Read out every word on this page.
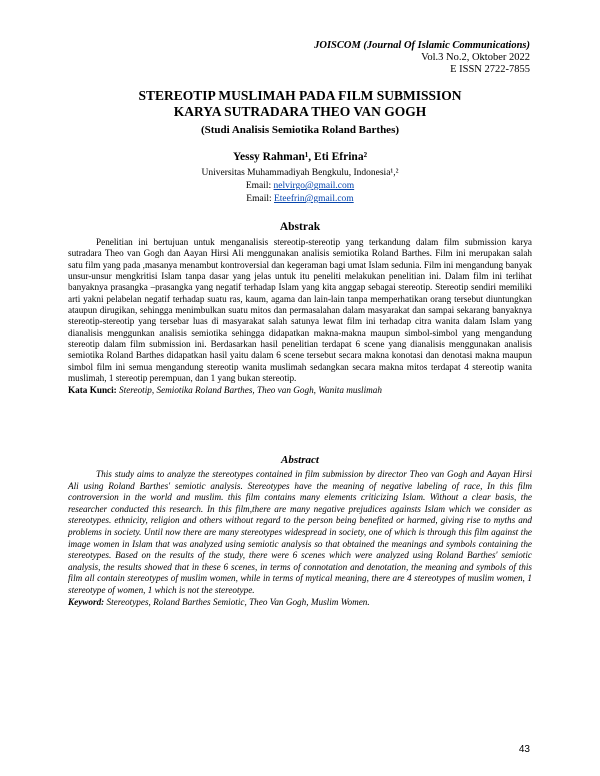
JOISCOM (Journal Of Islamic Communications)
Vol.3 No.2, Oktober 2022
E ISSN 2722-7855
STEREOTIP MUSLIMAH PADA FILM SUBMISSION
KARYA SUTRADARA THEO VAN GOGH
(Studi Analisis Semiotika Roland Barthes)
Yessy Rahman¹, Eti Efrina²
Universitas Muhammadiyah Bengkulu, Indonesia¹,²
Email: nelvirgo@gmail.com
Email: Eteefrin@gmail.com
Abstrak

Penelitian ini bertujuan untuk menganalisis stereotip-stereotip yang terkandung dalam film submission karya sutradara Theo van Gogh dan Aayan Hirsi Ali menggunakan analisis semiotika Roland Barthes. Film ini merupakan salah satu film yang pada ,masanya menambut kontroversial dan kegeraman bagi umat Islam sedunia. Film ini mengandung banyak unsur-unsur mengkritisi Islam tanpa dasar yang jelas untuk itu peneliti melakukan penelitian ini. Dalam film ini terlihat banyaknya prasangka –prasangka yang negatif terhadap Islam yang kita anggap sebagai stereotip. Stereotip sendiri memiliki arti yakni pelabelan negatif terhadap suatu ras, kaum, agama dan lain-lain tanpa memperhatikan orang tersebut diuntungkan ataupun dirugikan, sehingga menimbulkan suatu mitos dan permasalahan dalam masyarakat dan sampai sekarang banyaknya stereotip-stereotip yang tersebar luas di masyarakat salah satunya lewat film ini terhadap citra wanita dalam Islam yang dianalisis menggunkan analisis semiotika sehingga didapatkan makna-makna maupun simbol-simbol yang mengandung stereotip dalam film submission ini. Berdasarkan hasil penelitian terdapat 6 scene yang dianalisis menggunakan analisis semiotika Roland Barthes didapatkan hasil yaitu dalam 6 scene tersebut secara makna konotasi dan denotasi makna maupun simbol film ini semua mengandung stereotip wanita muslimah sedangkan secara makna mitos terdapat 4 stereotip wanita muslimah, 1 stereotip perempuan, dan 1 yang bukan stereotip.

Kata Kunci: Stereotip, Semiotika Roland Barthes, Theo van Gogh, Wanita muslimah
Abstract

This study aims to analyze the stereotypes contained in film submission by director Theo van Gogh and Aayan Hirsi Ali using Roland Barthes' semiotic analysis. Stereotypes have the meaning of negative labeling of race, In this film controversion in the world and muslim. this film contains many elements criticizing Islam. Without a clear basis, the researcher conducted this research. In this film,there are many negative prejudices againsts Islam which we consider as stereotypes. ethnicity, religion and others without regard to the person being benefited or harmed, giving rise to myths and problems in society. Until now there are many stereotypes widespread in society, one of which is through this film against the image women in Islam that was analyzed using semiotic analysis so that obtained the meanings and symbols containing the stereotypes. Based on the results of the study, there were 6 scenes which were analyzed using Roland Barthes' semiotic analysis, the results showed that in these 6 scenes, in terms of connotation and denotation, the meaning and symbols of this film all contain stereotypes of muslim women, while in terms of mytical meaning, there are 4 stereotypes of muslim women, 1 stereotype of women, 1 which is not the stereotype.

Keyword: Stereotypes, Roland Barthes Semiotic, Theo Van Gogh, Muslim Women.
43
